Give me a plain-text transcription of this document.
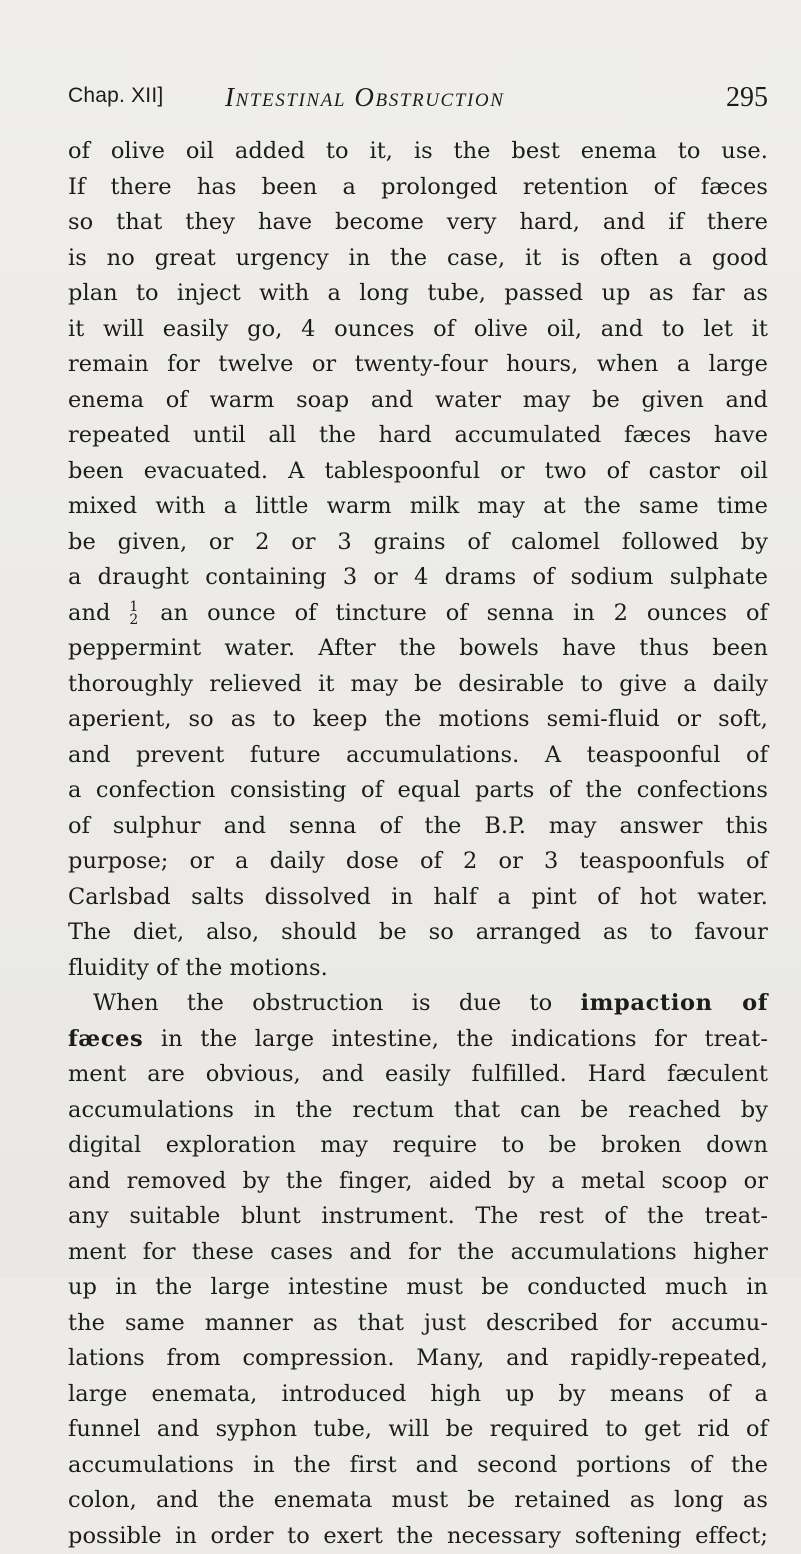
Chap. XII] Intestinal Obstruction	295
of olive oil added to it, is the best enema to use.
If there has been a prolonged retention of fæces
so that they have become very hard, and if there
is no great urgency in the case, it is often a good
plan to inject with a long tube, passed up as far as
it will easily go, 4 ounces of olive oil, and to let it
remain for twelve or twenty-four hours, when a large
enema of warm soap and water may be given and
repeated until all the hard accumulated fæces have
been evacuated. A tablespoonful or two of castor oil
mixed with a little warm milk may at the same time
be given, or 2 or 3 grains of calomel followed by
a draught containing 3 or 4 drams of sodium sulphate
and 1
2 an ounce of tincture of senna in 2 ounces of
peppermint water. After the bowels have thus been
thoroughly relieved it may be desirable to give a daily
aperient, so as to keep the motions semi-fluid or soft,
and prevent future accumulations. A teaspoonful of
a confection consisting of equal parts of the confections
of sulphur and senna of the B.P. may answer this
purpose; or a daily dose of 2 or 3 teaspoonfuls of
Carlsbad salts dissolved in half a pint of hot water.
The diet, also, should be so arranged as to favour
fluidity of the motions.
When the obstruction is due to impaction of
fæces in the large intestine, the indications for treat-
ment are obvious, and easily fulfilled. Hard fæculent
accumulations in the rectum that can be reached by
digital exploration may require to be broken down
and removed by the finger, aided by a metal scoop or
any suitable blunt instrument. The rest of the treat-
ment for these cases and for the accumulations higher
up in the large intestine must be conducted much in
the same manner as that just described for accumu-
lations from compression. Many, and rapidly-repeated,
large enemata, introduced high up by means of a
funnel and syphon tube, will be required to get rid of
accumulations in the first and second portions of the
colon, and the enemata must be retained as long as
possible in order to exert the necessary softening effect;
